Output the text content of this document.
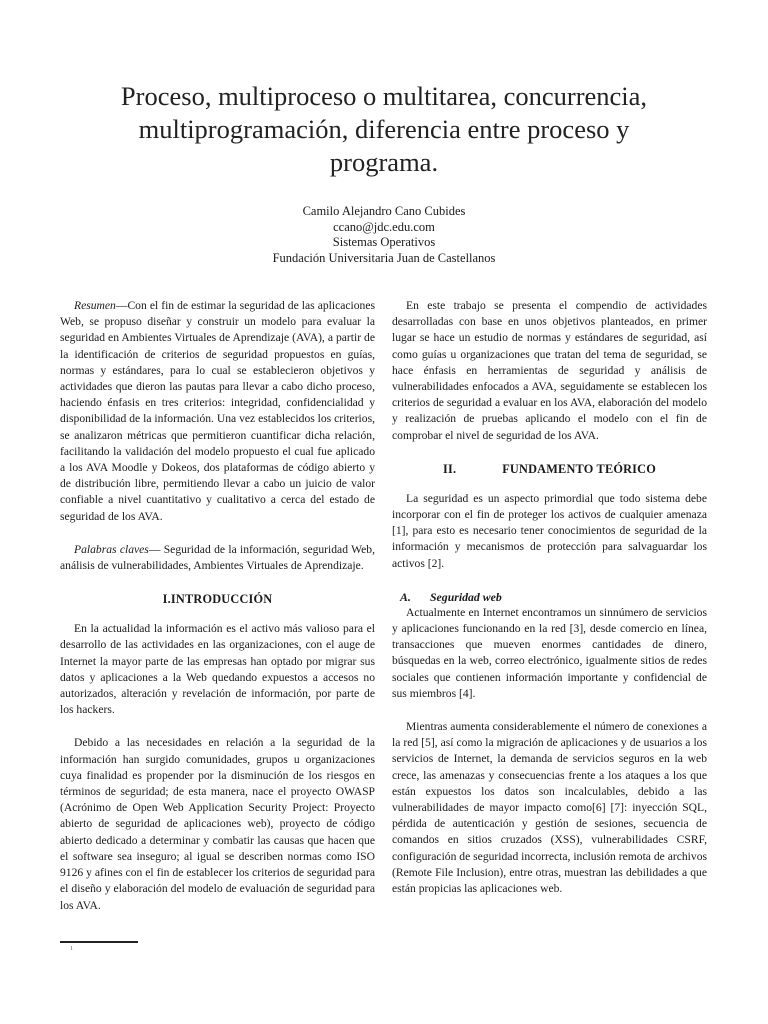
Proceso, multiproceso o multitarea, concurrencia, multiprogramación, diferencia entre proceso y programa.
Camilo Alejandro Cano Cubides
ccano@jdc.edu.com
Sistemas Operativos
Fundación Universitaria Juan de Castellanos

Resumen—Con el fin de estimar la seguridad de las aplicaciones Web, se propuso diseñar y construir un modelo para evaluar la seguridad en Ambientes Virtuales de Aprendizaje (AVA), a partir de la identificación de criterios de seguridad propuestos en guías, normas y estándares, para lo cual se establecieron objetivos y actividades que dieron las pautas para llevar a cabo dicho proceso, haciendo énfasis en tres criterios: integridad, confidencialidad y disponibilidad de la información. Una vez establecidos los criterios, se analizaron métricas que permitieron cuantificar dicha relación, facilitando la validación del modelo propuesto el cual fue aplicado a los AVA Moodle y Dokeos, dos plataformas de código abierto y de distribución libre, permitiendo llevar a cabo un juicio de valor confiable a nivel cuantitativo y cualitativo a cerca del estado de seguridad de los AVA.

Palabras claves— Seguridad de la información, seguridad Web, análisis de vulnerabilidades, Ambientes Virtuales de Aprendizaje.

I.INTRODUCCIÓN

En la actualidad la información es el activo más valioso para el desarrollo de las actividades en las organizaciones, con el auge de Internet la mayor parte de las empresas han optado por migrar sus datos y aplicaciones a la Web quedando expuestos a accesos no autorizados, alteración y revelación de información, por parte de los hackers.

Debido a las necesidades en relación a la seguridad de la información han surgido comunidades, grupos u organizaciones cuya finalidad es propender por la disminución de los riesgos en términos de seguridad; de esta manera, nace el proyecto OWASP (Acrónimo de Open Web Application Security Project: Proyecto abierto de seguridad de aplicaciones web), proyecto de código abierto dedicado a determinar y combatir las causas que hacen que el software sea inseguro; al igual se describen normas como ISO 9126 y afines con el fin de establecer los criterios de seguridad para el diseño y elaboración del modelo de evaluación de seguridad para los AVA.

En este trabajo se presenta el compendio de actividades desarrolladas con base en unos objetivos planteados, en primer lugar se hace un estudio de normas y estándares de seguridad, así como guías u organizaciones que tratan del tema de seguridad, se hace énfasis en herramientas de seguridad y análisis de vulnerabilidades enfocados a AVA, seguidamente se establecen los criterios de seguridad a evaluar en los AVA, elaboración del modelo y realización de pruebas aplicando el modelo con el fin de comprobar el nivel de seguridad de los AVA.

II.	FUNDAMENTO TEÓRICO

La seguridad es un aspecto primordial que todo sistema debe incorporar con el fin de proteger los activos de cualquier amenaza [1], para esto es necesario tener conocimientos de seguridad de la información y mecanismos de protección para salvaguardar los activos [2].

A. Seguridad web

Actualmente en Internet encontramos un sinnúmero de servicios y aplicaciones funcionando en la red [3], desde comercio en línea, transacciones que mueven enormes cantidades de dinero, búsquedas en la web, correo electrónico, igualmente sitios de redes sociales que contienen información importante y confidencial de sus miembros [4].

Mientras aumenta considerablemente el número de conexiones a la red [5], así como la migración de aplicaciones y de usuarios a los servicios de Internet, la demanda de servicios seguros en la web crece, las amenazas y consecuencias frente a los ataques a los que están expuestos los datos son incalculables, debido a las vulnerabilidades de mayor impacto como[6] [7]: inyección SQL, pérdida de autenticación y gestión de sesiones, secuencia de comandos en sitios cruzados (XSS), vulnerabilidades CSRF, configuración de seguridad incorrecta, inclusión remota de archivos (Remote File Inclusion), entre otras, muestran las debilidades a que están propicias las aplicaciones web.

1
